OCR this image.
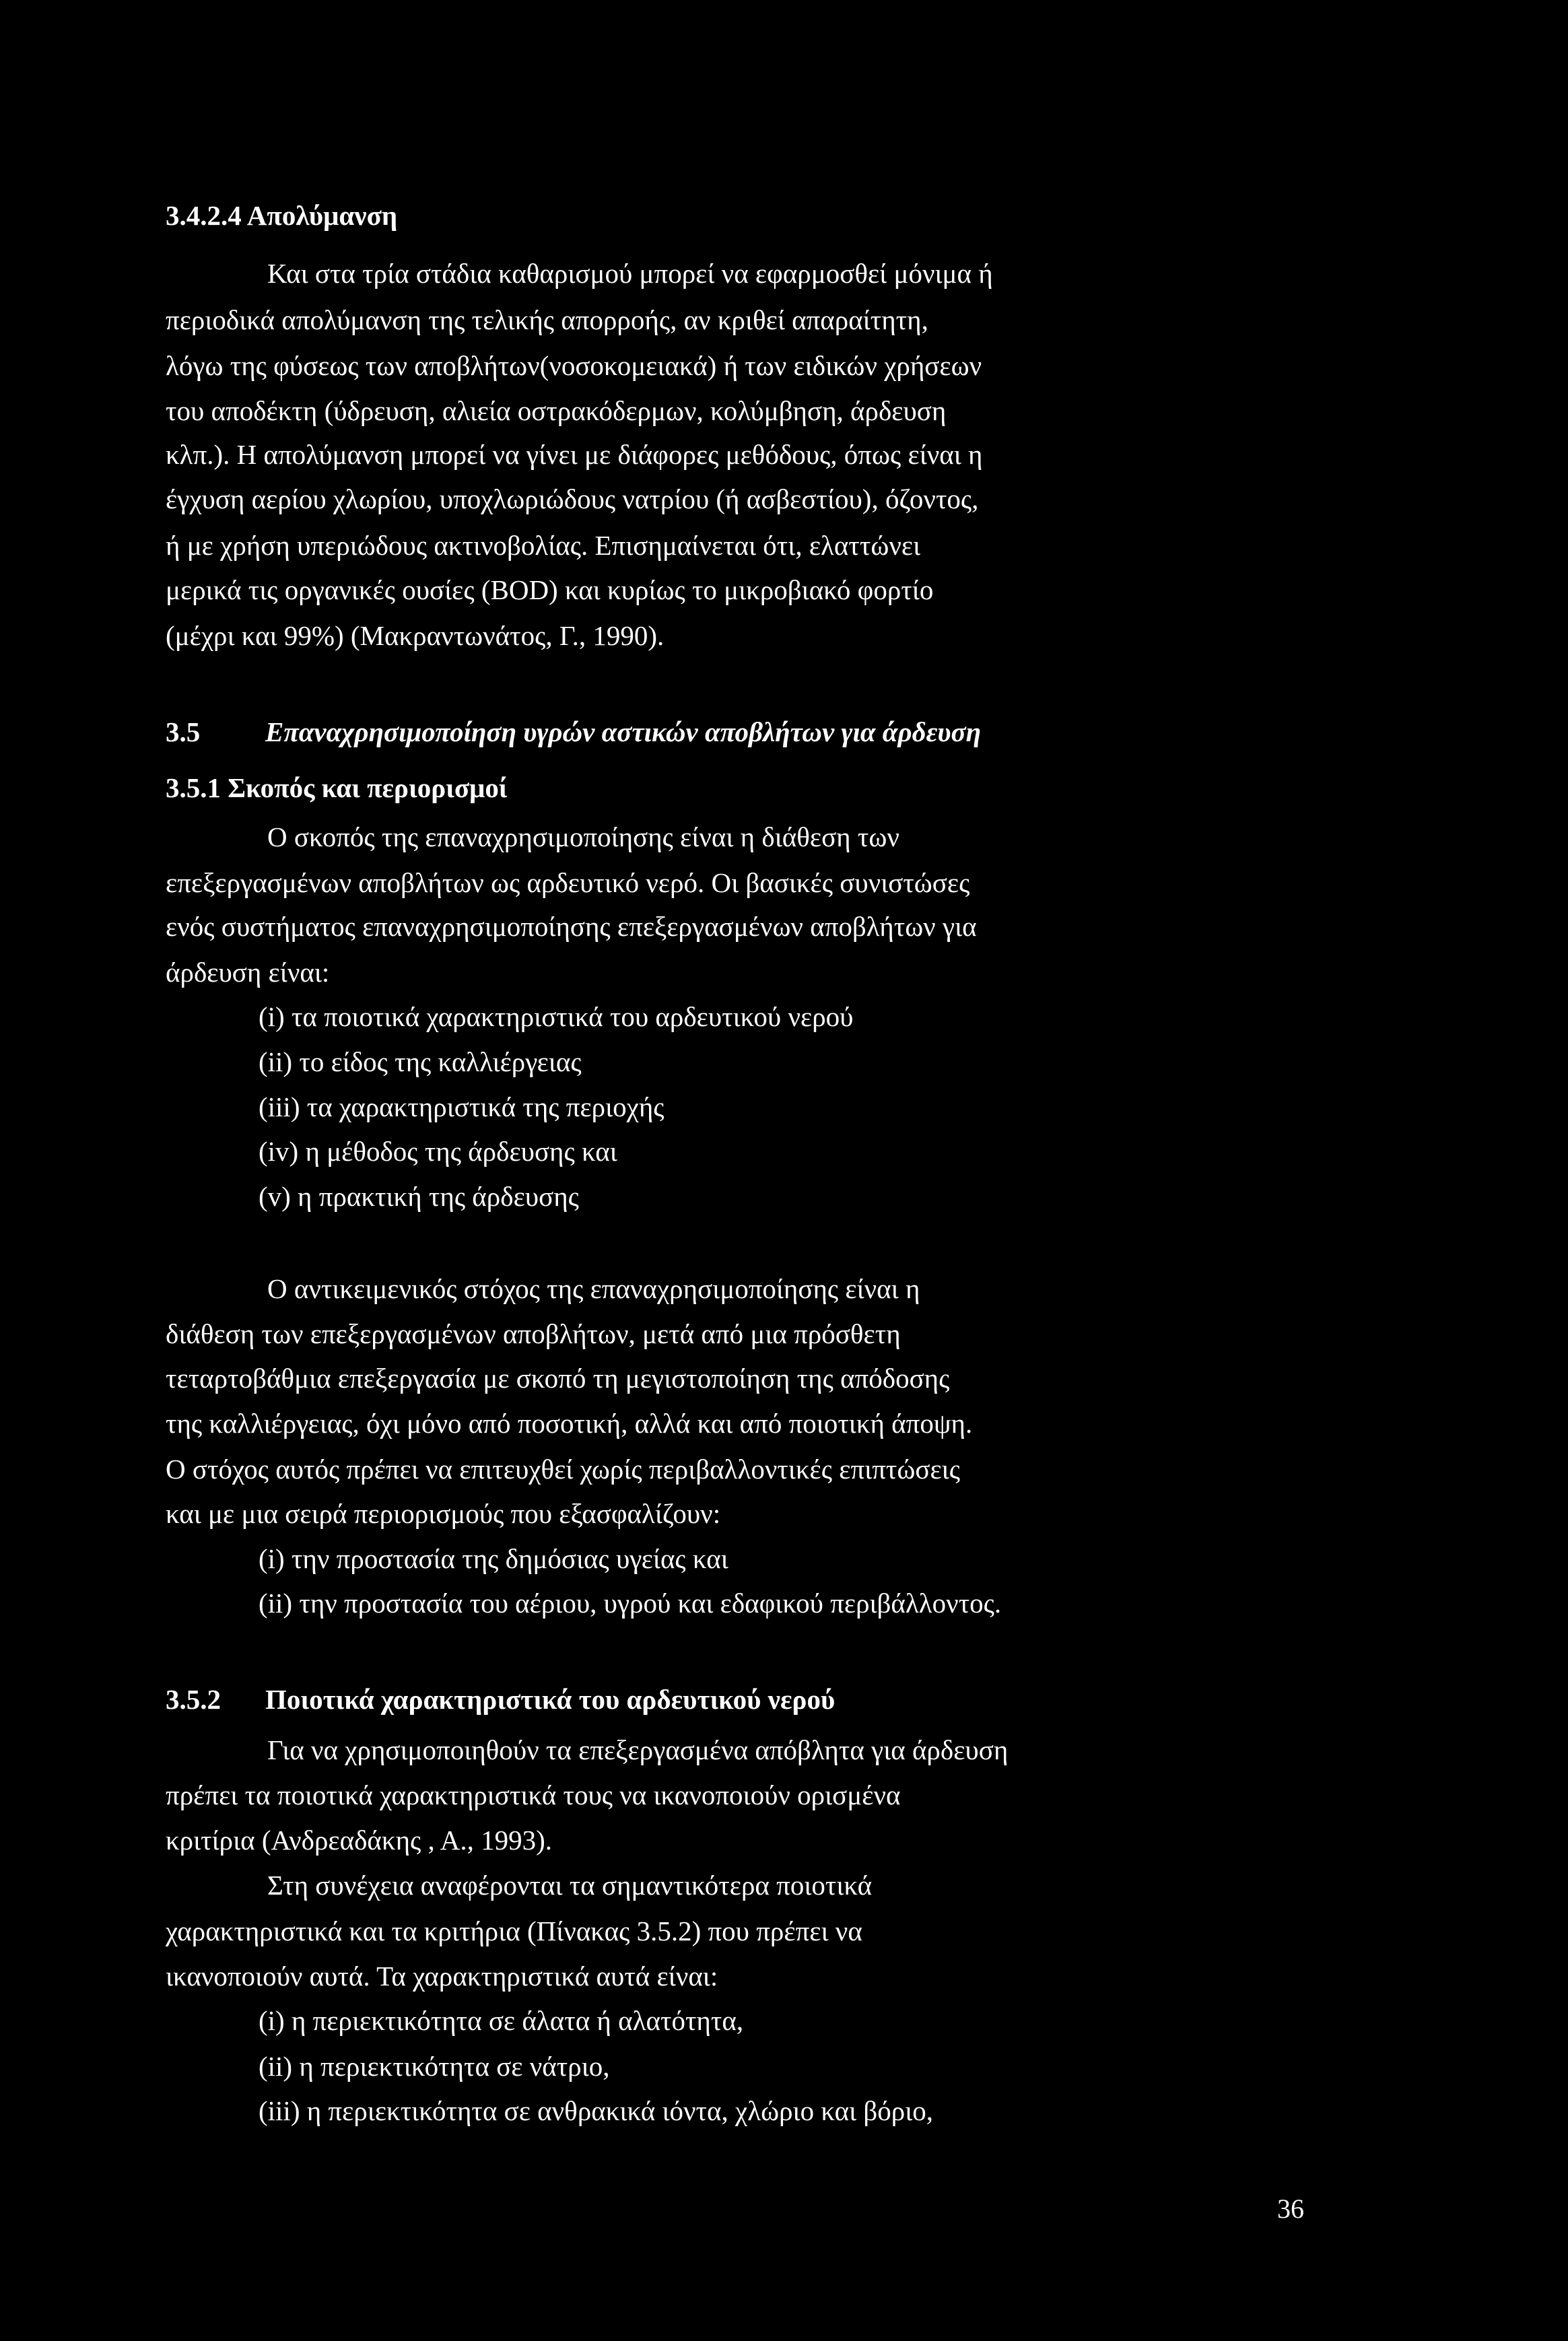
3.4.2.4 Απολύμανση
Και στα τρία στάδια καθαρισμού μπορεί να εφαρμοσθεί μόνιμα ή
περιοδικά απολύμανση της τελικής απορροής, αν κριθεί απαραίτητη,
λόγω της φύσεως των αποβλήτων(νοσοκομειακά) ή των ειδικών χρήσεων
του αποδέκτη (ύδρευση, αλιεία οστρακόδερμων, κολύμβηση, άρδευση
κλπ.). Η απολύμανση μπορεί να γίνει με διάφορες μεθόδους, όπως είναι η
έγχυση αερίου χλωρίου, υποχλωριώδους νατρίου (ή ασβεστίου), όζοντος,
ή με χρήση υπεριώδους ακτινοβολίας. Επισημαίνεται ότι, ελαττώνει
μερικά τις οργανικές ουσίες (BOD) και κυρίως το μικροβιακό φορτίο
(μέχρι και 99%) (Μακραντωνάτος, Γ., 1990).
3.5 Επαναχρησιμοποίηση υγρών αστικών αποβλήτων για άρδευση
3.5.1 Σκοπός και περιορισμοί
Ο σκοπός της επαναχρησιμοποίησης είναι η διάθεση των
επεξεργασμένων αποβλήτων ως αρδευτικό νερό. Οι βασικές συνιστώσες
ενός συστήματος επαναχρησιμοποίησης επεξεργασμένων αποβλήτων για
άρδευση είναι:
(i) τα ποιοτικά χαρακτηριστικά του αρδευτικού νερού
(ii) το είδος της καλλιέργειας
(iii) τα χαρακτηριστικά της περιοχής
(iv) η μέθοδος της άρδευσης και
(v) η πρακτική της άρδευσης
Ο αντικειμενικός στόχος της επαναχρησιμοποίησης είναι η
διάθεση των επεξεργασμένων αποβλήτων, μετά από μια πρόσθετη
τεταρτοβάθμια επεξεργασία με σκοπό τη μεγιστοποίηση της απόδοσης
της καλλιέργειας, όχι μόνο από ποσοτική, αλλά και από ποιοτική άποψη.
Ο στόχος αυτός πρέπει να επιτευχθεί χωρίς περιβαλλοντικές επιπτώσεις
και με μια σειρά περιορισμούς που εξασφαλίζουν:
(i) την προστασία της δημόσιας υγείας και
(ii) την προστασία του αέριου, υγρού και εδαφικού περιβάλλοντος.
3.5.2 Ποιοτικά χαρακτηριστικά του αρδευτικού νερού
Για να χρησιμοποιηθούν τα επεξεργασμένα απόβλητα για άρδευση
πρέπει τα ποιοτικά χαρακτηριστικά τους να ικανοποιούν ορισμένα
κριτίρια (Ανδρεαδάκης , Α., 1993).
Στη συνέχεια αναφέρονται τα σημαντικότερα ποιοτικά
χαρακτηριστικά και τα κριτήρια (Πίνακας 3.5.2) που πρέπει να
ικανοποιούν αυτά. Τα χαρακτηριστικά αυτά είναι:
(i) η περιεκτικότητα σε άλατα ή αλατότητα,
(ii) η περιεκτικότητα σε νάτριο,
(iii) η περιεκτικότητα σε ανθρακικά ιόντα, χλώριο και βόριο,
36
